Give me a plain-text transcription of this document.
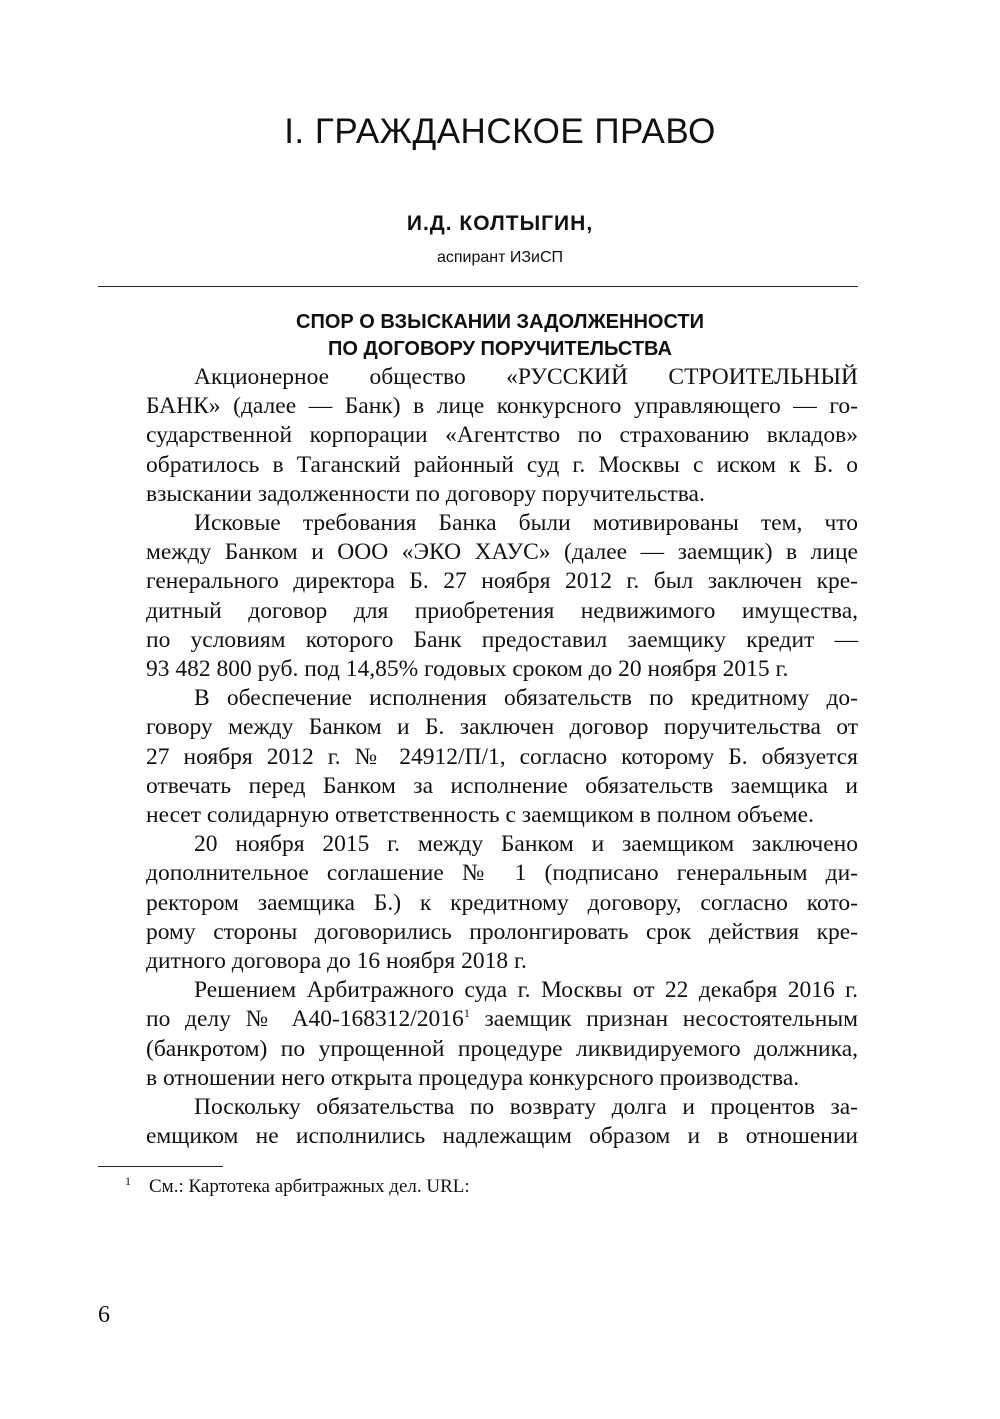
I. ГРАЖДАНСКОЕ ПРАВО

И.Д. КОЛТЫГИН,

аспирант ИЗиСП

СПОР О ВЗЫСКАНИИ ЗАДОЛЖЕННОСТИ
ПО ДОГОВОРУ ПОРУЧИТЕЛЬСТВА

Акционерное общество «РУССКИЙ СТРОИТЕЛЬНЫЙ
БАНК» (далее — Банк) в лице конкурсного управляющего — го-
сударственной корпорации «Агентство по страхованию вкладов»
обратилось в Таганский районный суд г. Москвы с иском к Б. о
взыскании задолженности по договору поручительства.

Исковые требования Банка были мотивированы тем, что
между Банком и ООО «ЭКО ХАУС» (далее — заемщик) в лице
генерального директора Б. 27 ноября 2012 г. был заключен кре-
дитный договор для приобретения недвижимого имущества,
по условиям которого Банк предоставил заемщику кредит —
93 482 800 руб. под 14,85% годовых сроком до 20 ноября 2015 г.

В обеспечение исполнения обязательств по кредитному до-
говору между Банком и Б. заключен договор поручительства от
27 ноября 2012 г. № 24912/П/1, согласно которому Б. обязуется
отвечать перед Банком за исполнение обязательств заемщика и
несет солидарную ответственность с заемщиком в полном объеме.

20 ноября 2015 г. между Банком и заемщиком заключено
дополнительное соглашение № 1 (подписано генеральным ди-
ректором заемщика Б.) к кредитному договору, согласно кото-
рому стороны договорились пролонгировать срок действия кре-
дитного договора до 16 ноября 2018 г.

Решением Арбитражного суда г. Москвы от 22 декабря 2016 г.
по делу № А40-168312/2016$^1$ заемщик признан несостоятельным
(банкротом) по упрощенной процедуре ликвидируемого должника,
в отношении него открыта процедура конкурсного производства.

Поскольку обязательства по возврату долга и процентов за-
емщиком не исполнились надлежащим образом и в отношении

$^1$ См.: Картотека арбитражных дел. URL:

6
